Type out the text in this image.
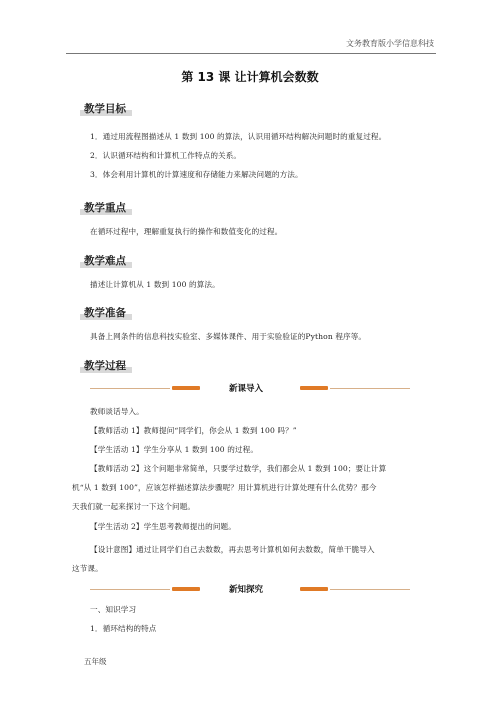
文务教育版小学信息科技
第 13 课 让计算机会数数
教学目标
1．通过用流程图描述从 1 数到 100 的算法，认识用循环结构解决问题时的重复过程。
2．认识循环结构和计算机工作特点的关系。
3．体会利用计算机的计算速度和存储能力来解决问题的方法。
教学重点
在循环过程中，理解重复执行的操作和数值变化的过程。
教学难点
描述让计算机从 1 数到 100 的算法。
教学准备
具备上网条件的信息科技实验室、多媒体课件、用于实验验证的Python 程序等。
教学过程
新课导入
教师谈话导入。
【教师活动 1】教师提问“同学们，你会从 1 数到 100 吗？”
【学生活动 1】学生分享从 1 数到 100 的过程。
【教师活动 2】这个问题非常简单，只要学过数学，我们都会从 1 数到 100；要让计算
机“从 1 数到 100”，应该怎样描述算法步骤呢？用计算机进行计算处理有什么优势？那今
天我们就一起来探讨一下这个问题。
【学生活动 2】学生思考教师提出的问题。
【设计意图】通过让同学们自己去数数，再去思考计算机如何去数数，简单干脆导入
这节课。
新知探究
一、知识学习
1．循环结构的特点
五年级
